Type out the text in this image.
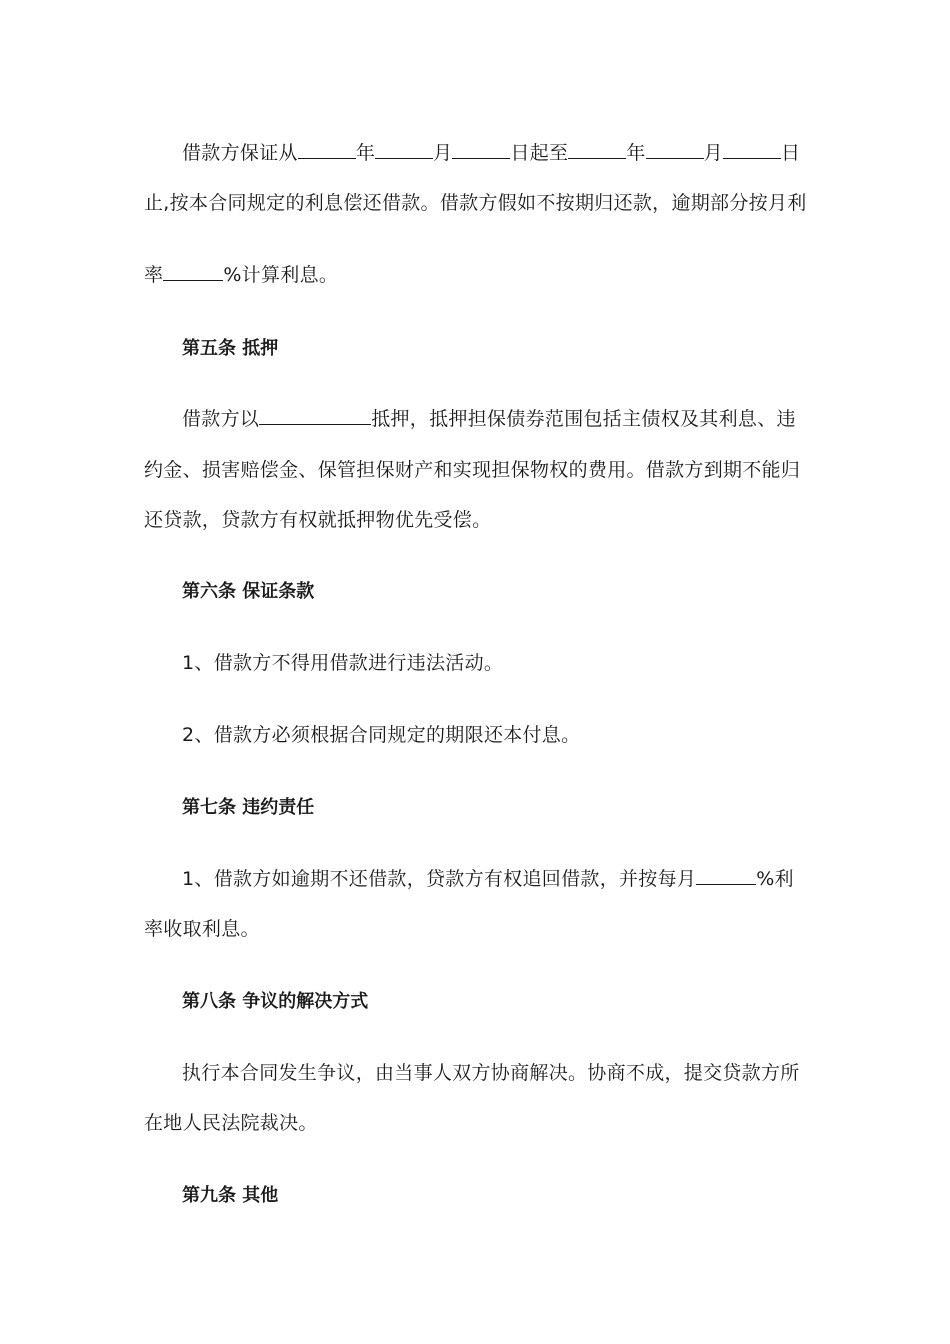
借款方保证从	年	月	日起至	年	月	日
止,按本合同规定的利息偿还借款。借款方假如不按期归还款，逾期部分按月利
率	%计算利息。
第五条 抵押
借款方以	抵押，抵押担保债券范围包括主债权及其利息、违
约金、损害赔偿金、保管担保财产和实现担保物权的费用。借款方到期不能归
还贷款，贷款方有权就抵押物优先受偿。
第六条 保证条款
1、借款方不得用借款进行违法活动。
2、借款方必须根据合同规定的期限还本付息。
第七条 违约责任
1、借款方如逾期不还借款，贷款方有权追回借款，并按每月	%利
率收取利息。
第八条 争议的解决方式
执行本合同发生争议，由当事人双方协商解决。协商不成，提交贷款方所
在地人民法院裁决。
第九条 其他
